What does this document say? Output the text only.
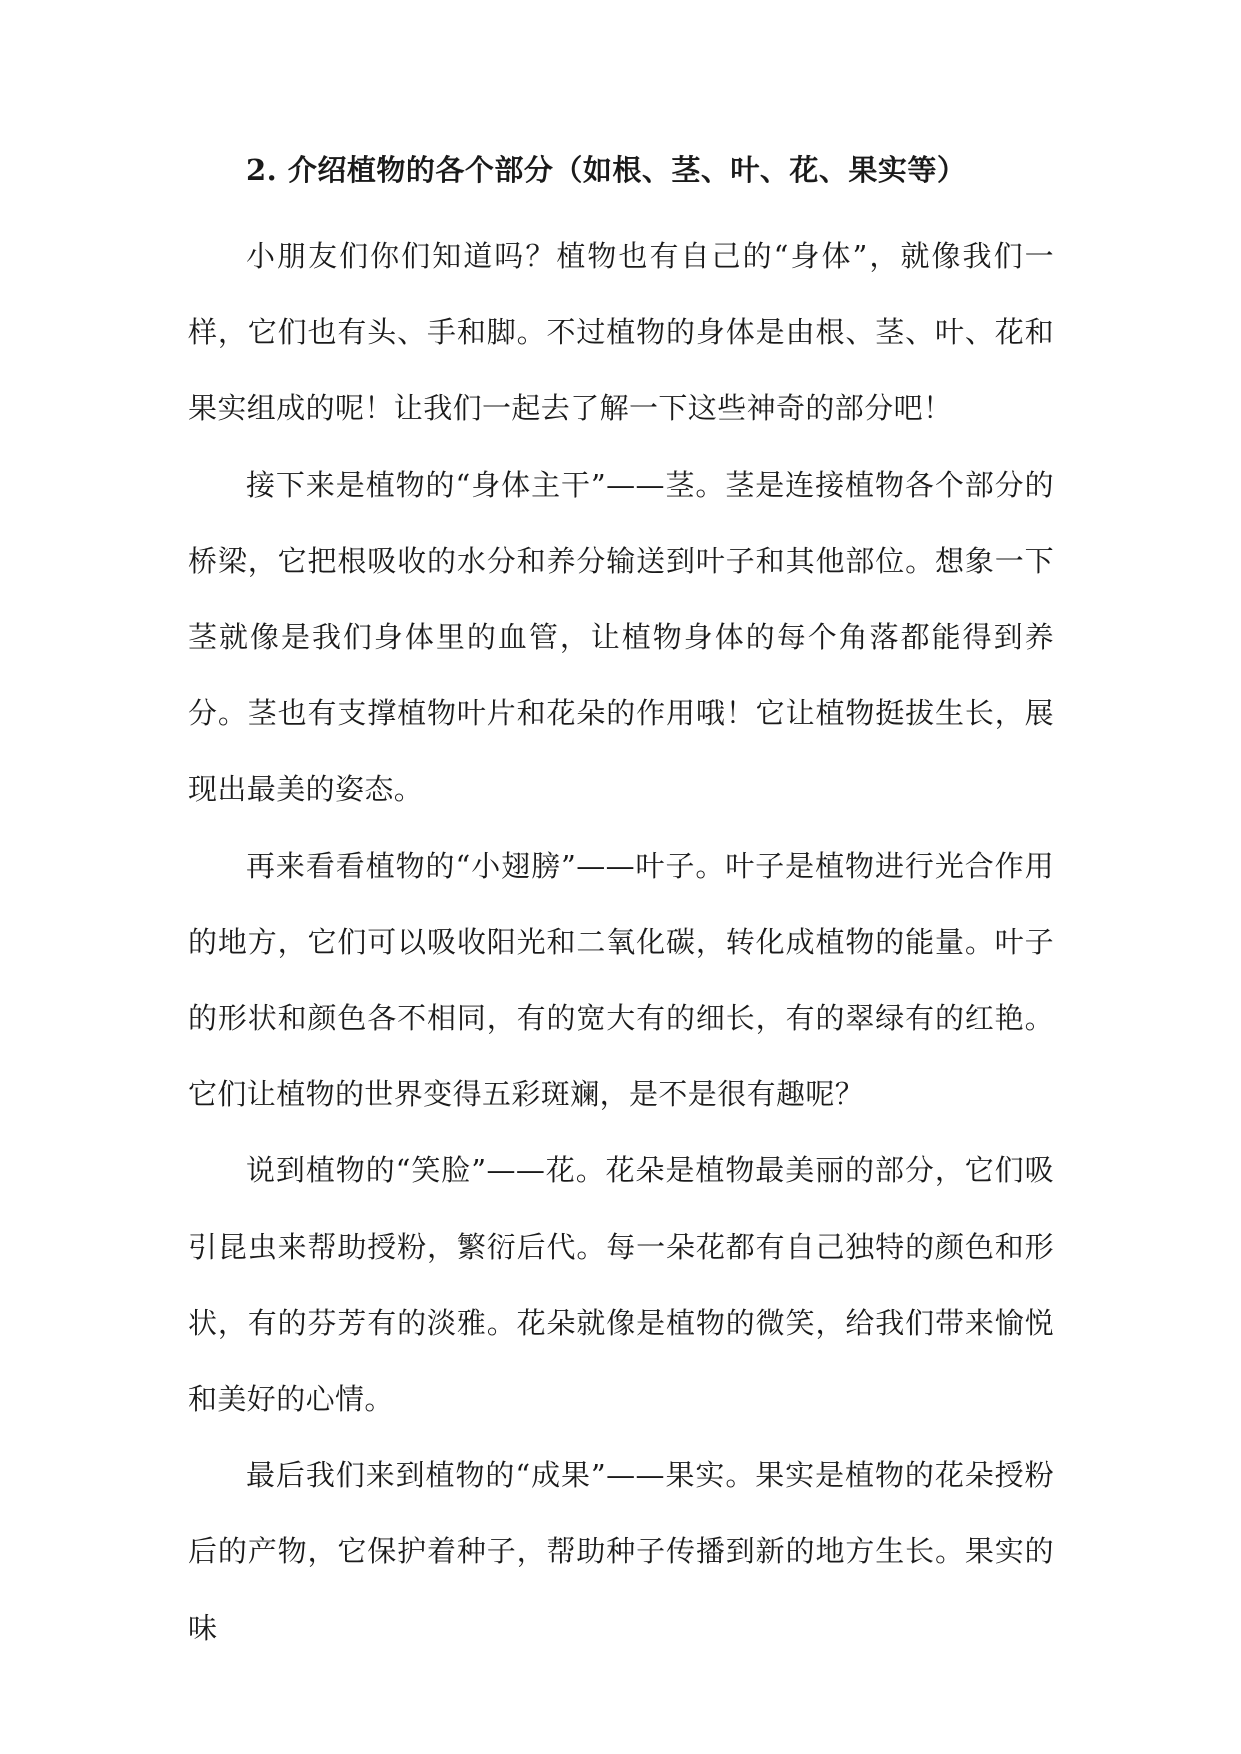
2. 介绍植物的各个部分（如根、茎、叶、花、果实等）

小朋友们你们知道吗？植物也有自己的“身体”，就像我们一样，它们也有头、手和脚。不过植物的身体是由根、茎、叶、花和果实组成的呢！让我们一起去了解一下这些神奇的部分吧！

接下来是植物的“身体主干”——茎。茎是连接植物各个部分的桥梁，它把根吸收的水分和养分输送到叶子和其他部位。想象一下茎就像是我们身体里的血管，让植物身体的每个角落都能得到养分。茎也有支撑植物叶片和花朵的作用哦！它让植物挺拔生长，展现出最美的姿态。

再来看看植物的“小翅膀”——叶子。叶子是植物进行光合作用的地方，它们可以吸收阳光和二氧化碳，转化成植物的能量。叶子的形状和颜色各不相同，有的宽大有的细长，有的翠绿有的红艳。它们让植物的世界变得五彩斑斓，是不是很有趣呢？

说到植物的“笑脸”——花。花朵是植物最美丽的部分，它们吸引昆虫来帮助授粉，繁衍后代。每一朵花都有自己独特的颜色和形状，有的芬芳有的淡雅。花朵就像是植物的微笑，给我们带来愉悦和美好的心情。

最后我们来到植物的“成果”——果实。果实是植物的花朵授粉后的产物，它保护着种子，帮助种子传播到新的地方生长。果实的味
